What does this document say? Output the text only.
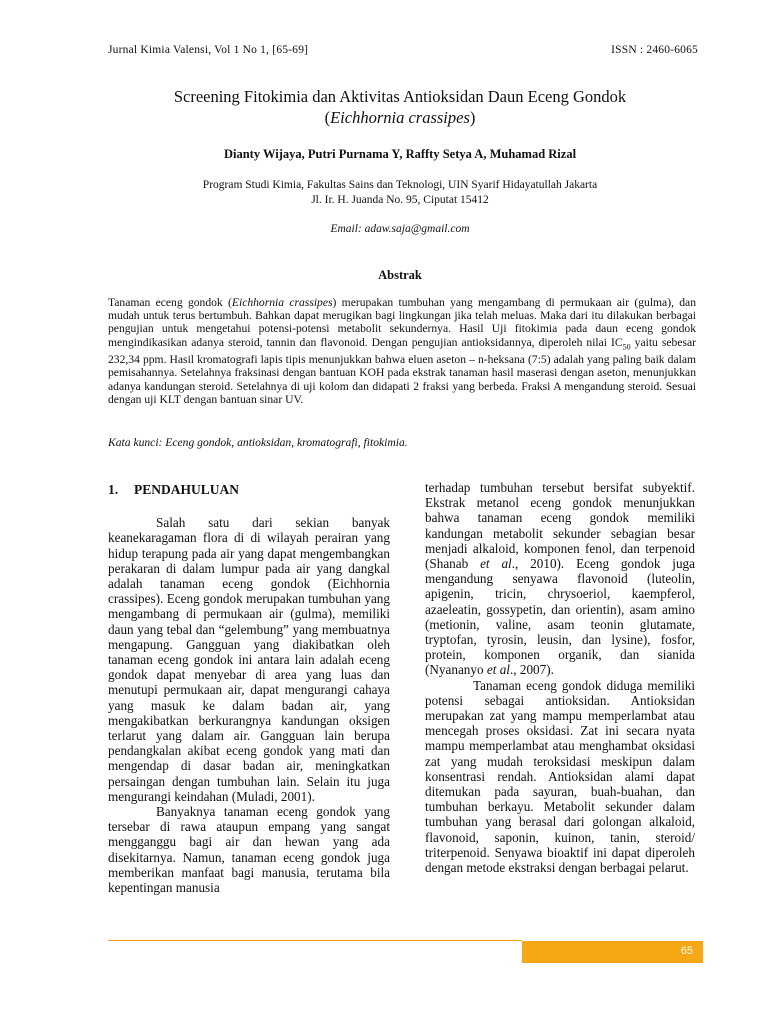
Jurnal Kimia Valensi, Vol 1 No 1, [65-69]	ISSN : 2460-6065
Screening Fitokimia dan Aktivitas Antioksidan Daun Eceng Gondok
(Eichhornia crassipes)
Dianty Wijaya, Putri Purnama Y, Raffty Setya A, Muhamad Rizal
Program Studi Kimia, Fakultas Sains dan Teknologi, UIN Syarif Hidayatullah Jakarta
Jl. Ir. H. Juanda No. 95, Ciputat 15412
Email: adaw.saja@gmail.com
Abstrak
Tanaman eceng gondok (Eichhornia crassipes) merupakan tumbuhan yang mengambang di permukaan air (gulma), dan mudah untuk terus bertumbuh. Bahkan dapat merugikan bagi lingkungan jika telah meluas. Maka dari itu dilakukan berbagai pengujian untuk mengetahui potensi-potensi metabolit sekundernya. Hasil Uji fitokimia pada daun eceng gondok mengindikasikan adanya steroid, tannin dan flavonoid. Dengan pengujian antioksidannya, diperoleh nilai $IC_{50}$ yaitu sebesar 232,34 ppm. Hasil kromatografi lapis tipis menunjukkan bahwa eluen aseton – n-heksana (7:5) adalah yang paling baik dalam pemisahannya. Setelahnya fraksinasi dengan bantuan KOH pada ekstrak tanaman hasil maserasi dengan aseton, menunjukkan adanya kandungan steroid. Setelahnya di uji kolom dan didapati 2 fraksi yang berbeda. Fraksi A mengandung steroid. Sesuai dengan uji KLT dengan bantuan sinar UV.
Kata kunci: Eceng gondok, antioksidan, kromatografi, fitokimia.
1. PENDAHULUAN

Salah satu dari sekian banyak keanekaragaman flora di di wilayah perairan yang hidup terapung pada air yang dapat mengembangkan perakaran di dalam lumpur pada air yang dangkal adalah tanaman eceng gondok (Eichhornia crassipes). Eceng gondok merupakan tumbuhan yang mengambang di permukaan air (gulma), memiliki daun yang tebal dan “gelembung” yang membuatnya mengapung. Gangguan yang diakibatkan oleh tanaman eceng gondok ini antara lain adalah eceng gondok dapat menyebar di area yang luas dan menutupi permukaan air, dapat mengurangi cahaya yang masuk ke dalam badan air, yang mengakibatkan berkurangnya kandungan oksigen terlarut yang dalam air. Gangguan lain berupa pendangkalan akibat eceng gondok yang mati dan mengendap di dasar badan air, meningkatkan persaingan dengan tumbuhan lain. Selain itu juga mengurangi keindahan (Muladi, 2001).

Banyaknya tanaman eceng gondok yang tersebar di rawa ataupun empang yang sangat mengganggu bagi air dan hewan yang ada disekitarnya. Namun, tanaman eceng gondok juga memberikan manfaat bagi manusia, terutama bila kepentingan manusia

terhadap tumbuhan tersebut bersifat subyektif. Ekstrak metanol eceng gondok menunjukkan bahwa tanaman eceng gondok memiliki kandungan metabolit sekunder sebagian besar menjadi alkaloid, komponen fenol, dan terpenoid (Shanab et al., 2010). Eceng gondok juga mengandung senyawa flavonoid (luteolin, apigenin, tricin, chrysoeriol, kaempferol, azaeleatin, gossypetin, dan orientin), asam amino (metionin, valine, asam teonin glutamate, tryptofan, tyrosin, leusin, dan lysine), fosfor, protein, komponen organik, dan sianida (Nyananyo et al., 2007).

Tanaman eceng gondok diduga memiliki potensi sebagai antioksidan. Antioksidan merupakan zat yang mampu memperlambat atau mencegah proses oksidasi. Zat ini secara nyata mampu memperlambat atau menghambat oksidasi zat yang mudah teroksidasi meskipun dalam konsentrasi rendah. Antioksidan alami dapat ditemukan pada sayuran, buah-buahan, dan tumbuhan berkayu. Metabolit sekunder dalam tumbuhan yang berasal dari golongan alkaloid, flavonoid, saponin, kuinon, tanin, steroid/ triterpenoid. Senyawa bioaktif ini dapat diperoleh dengan metode ekstraksi dengan berbagai pelarut.

65
